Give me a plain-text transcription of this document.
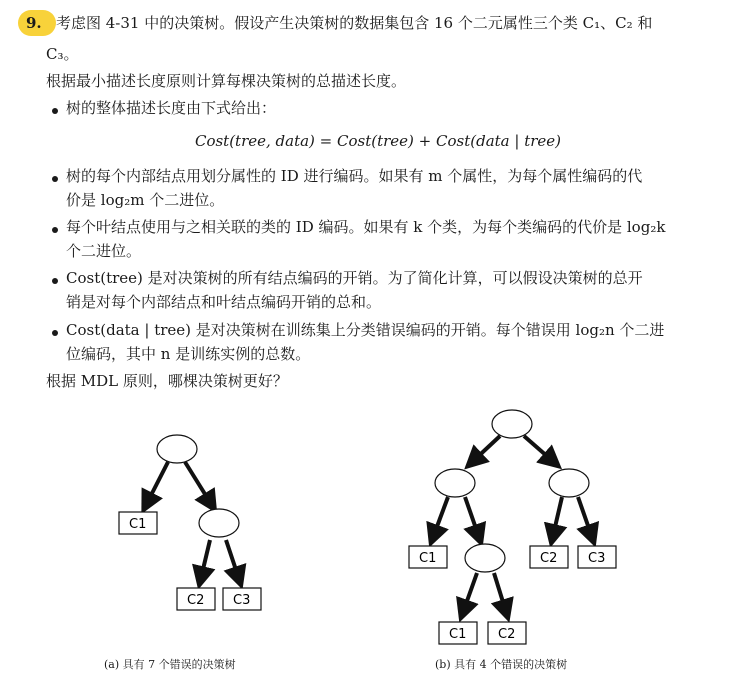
9. 考虑图 4-31 中的决策树。假设产生决策树的数据集包含 16 个二元属性三个类 C₁、C₂ 和
C₃。
根据最小描述长度原则计算每棵决策树的总描述长度。
树的整体描述长度由下式给出：
Cost(tree, data) = Cost(tree) + Cost(data | tree)
树的每个内部结点用划分属性的 ID 进行编码。如果有 m 个属性，为每个属性编码的代
价是 log₂m 个二进位。
每个叶结点使用与之相关联的类的 ID 编码。如果有 k 个类，为每个类编码的代价是 log₂k
个二进位。
Cost(tree) 是对决策树的所有结点编码的开销。为了简化计算，可以假设决策树的总开
销是对每个内部结点和叶结点编码开销的总和。
Cost(data | tree) 是对决策树在训练集上分类错误编码的开销。每个错误用 log₂n 个二进
位编码，其中 n 是训练实例的总数。
根据 MDL 原则，哪棵决策树更好？
C1
C2 C3
C1	C2 C3
C1 C2
(a) 具有 7 个错误的决策树	(b) 具有 4 个错误的决策树
